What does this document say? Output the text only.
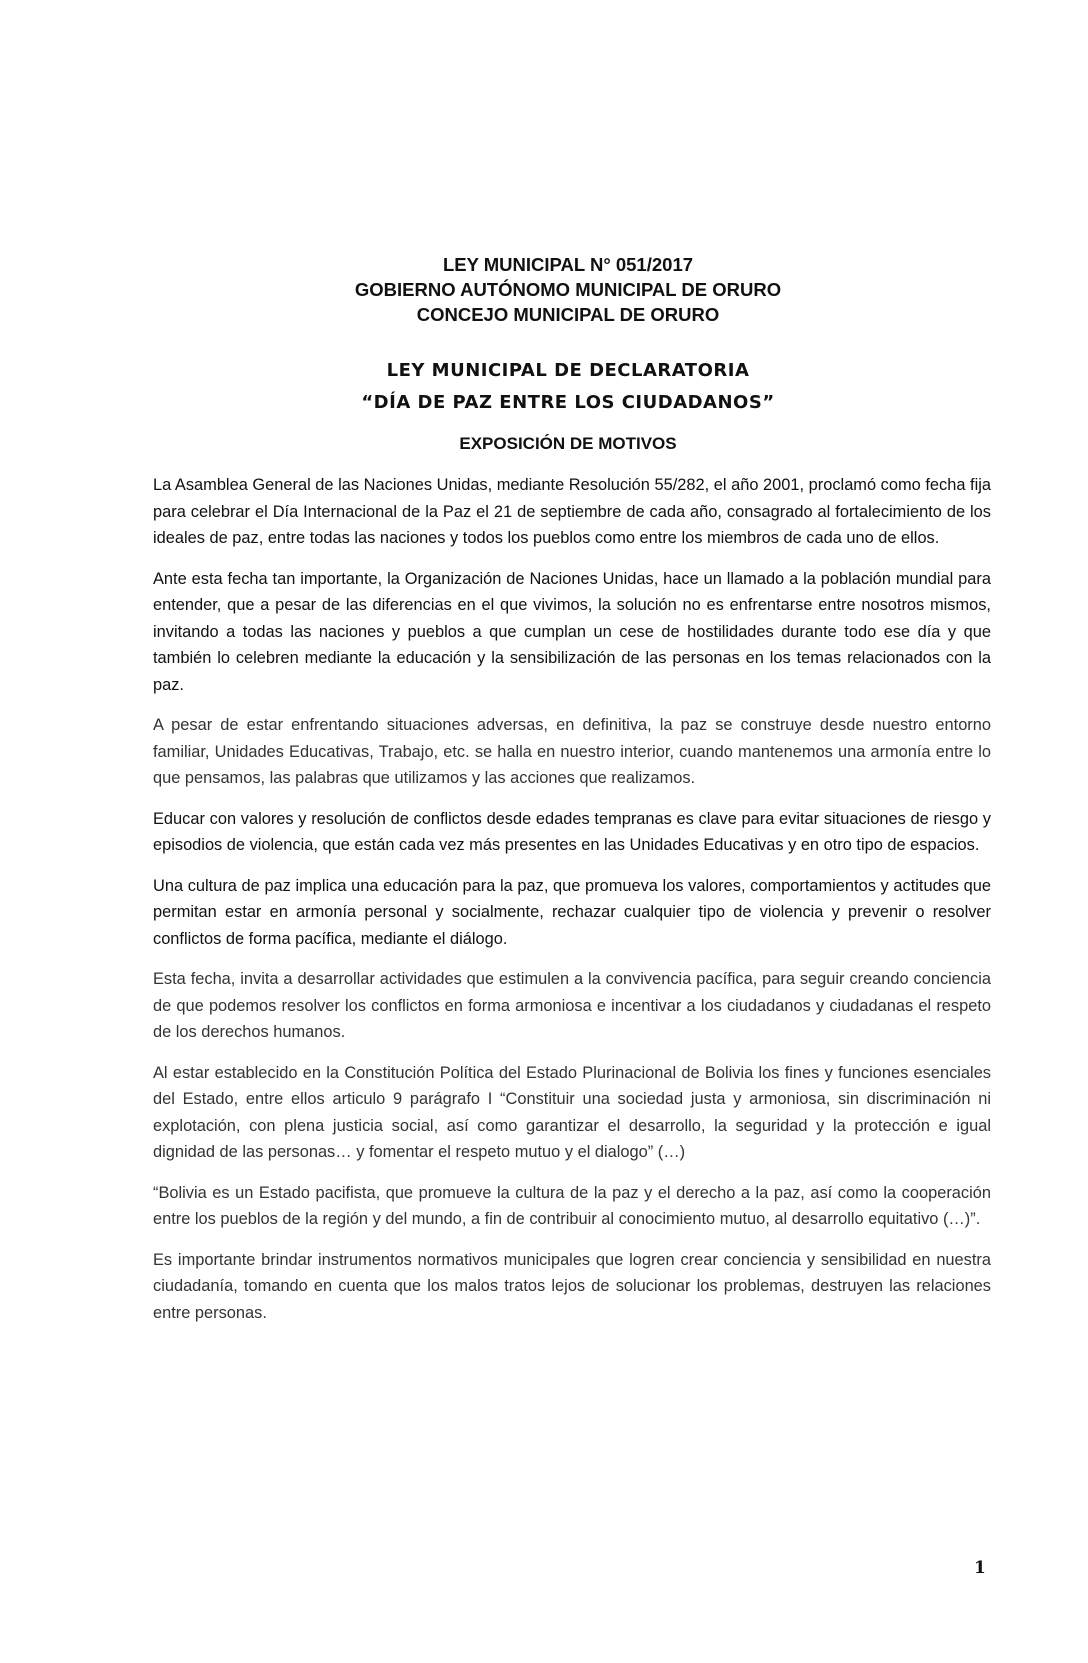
LEY MUNICIPAL N° 051/2017
GOBIERNO AUTÓNOMO MUNICIPAL DE ORURO
CONCEJO MUNICIPAL DE ORURO
LEY MUNICIPAL DE DECLARATORIA
“DÍA DE PAZ ENTRE LOS CIUDADANOS”
EXPOSICIÓN DE MOTIVOS

La Asamblea General de las Naciones Unidas, mediante Resolución 55/282, el año 2001, proclamó como fecha fija para celebrar el Día Internacional de la Paz el 21 de septiembre de cada año, consagrado al fortalecimiento de los ideales de paz, entre todas las naciones y todos los pueblos como entre los miembros de cada uno de ellos.

Ante esta fecha tan importante, la Organización de Naciones Unidas, hace un llamado a la población mundial para entender, que a pesar de las diferencias en el que vivimos, la solución no es enfrentarse entre nosotros mismos, invitando a todas las naciones y pueblos a que cumplan un cese de hostilidades durante todo ese día y que también lo celebren mediante la educación y la sensibilización de las personas en los temas relacionados con la paz.

A pesar de estar enfrentando situaciones adversas, en definitiva, la paz se construye desde nuestro entorno familiar, Unidades Educativas, Trabajo, etc. se halla en nuestro interior, cuando mantenemos una armonía entre lo que pensamos, las palabras que utilizamos y las acciones que realizamos.

Educar con valores y resolución de conflictos desde edades tempranas es clave para evitar situaciones de riesgo y episodios de violencia, que están cada vez más presentes en las Unidades Educativas y en otro tipo de espacios.

Una cultura de paz implica una educación para la paz, que promueva los valores, comportamientos y actitudes que permitan estar en armonía personal y socialmente, rechazar cualquier tipo de violencia y prevenir o resolver conflictos de forma pacífica, mediante el diálogo.

Esta fecha, invita a desarrollar actividades que estimulen a la convivencia pacífica, para seguir creando conciencia de que podemos resolver los conflictos en forma armoniosa e incentivar a los ciudadanos y ciudadanas el respeto de los derechos humanos.

Al estar establecido en la Constitución Política del Estado Plurinacional de Bolivia los fines y funciones esenciales del Estado, entre ellos articulo 9 parágrafo I “Constituir una sociedad justa y armoniosa, sin discriminación ni explotación, con plena justicia social, así como garantizar el desarrollo, la seguridad y la protección e igual dignidad de las personas… y fomentar el respeto mutuo y el dialogo” (…)

“Bolivia es un Estado pacifista, que promueve la cultura de la paz y el derecho a la paz, así como la cooperación entre los pueblos de la región y del mundo, a fin de contribuir al conocimiento mutuo, al desarrollo equitativo (…)”.

Es importante brindar instrumentos normativos municipales que logren crear conciencia y sensibilidad en nuestra ciudadanía, tomando en cuenta que los malos tratos lejos de solucionar los problemas, destruyen las relaciones entre personas.

1
